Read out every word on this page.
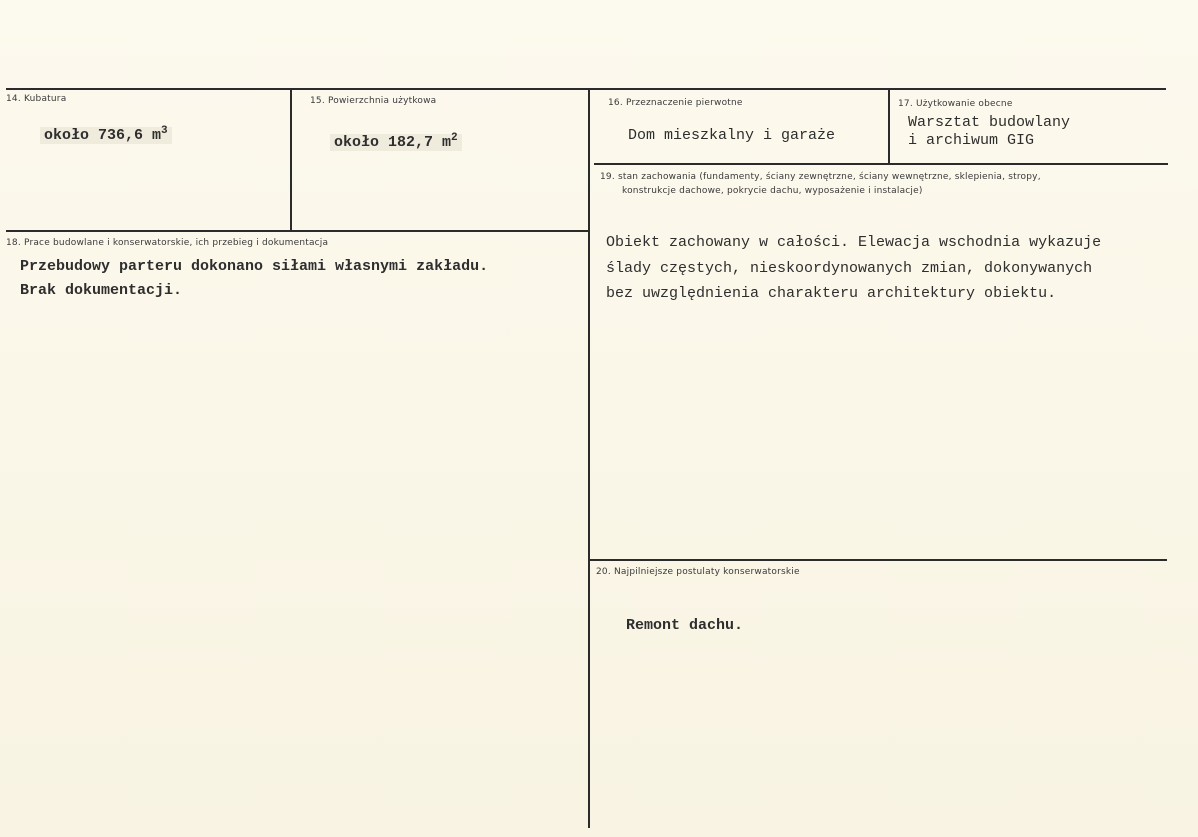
14. Kubatura
około 736,6 $m^3$
15. Powierzchnia użytkowa
około 182,7 $m^2$
16. Przeznaczenie pierwotne
Dom mieszkalny i garaże
17. Użytkowanie obecne
Warsztat budowlany
i archiwum GIG
18. Prace budowlane i konserwatorskie, ich przebieg i dokumentacja
Przebudowy parteru dokonano siłami własnymi zakładu.
Brak dokumentacji.
19. stan zachowania (fundamenty, ściany zewnętrzne, ściany wewnętrzne, sklepienia, stropy,
konstrukcje dachowe, pokrycie dachu, wyposażenie i instalacje)
Obiekt zachowany w całości. Elewacja wschodnia wykazuje
ślady częstych, nieskoordynowanych zmian, dokonywanych
bez uwzględnienia charakteru architektury obiektu.
20. Najpilniejsze postulaty konserwatorskie
Remont dachu.
